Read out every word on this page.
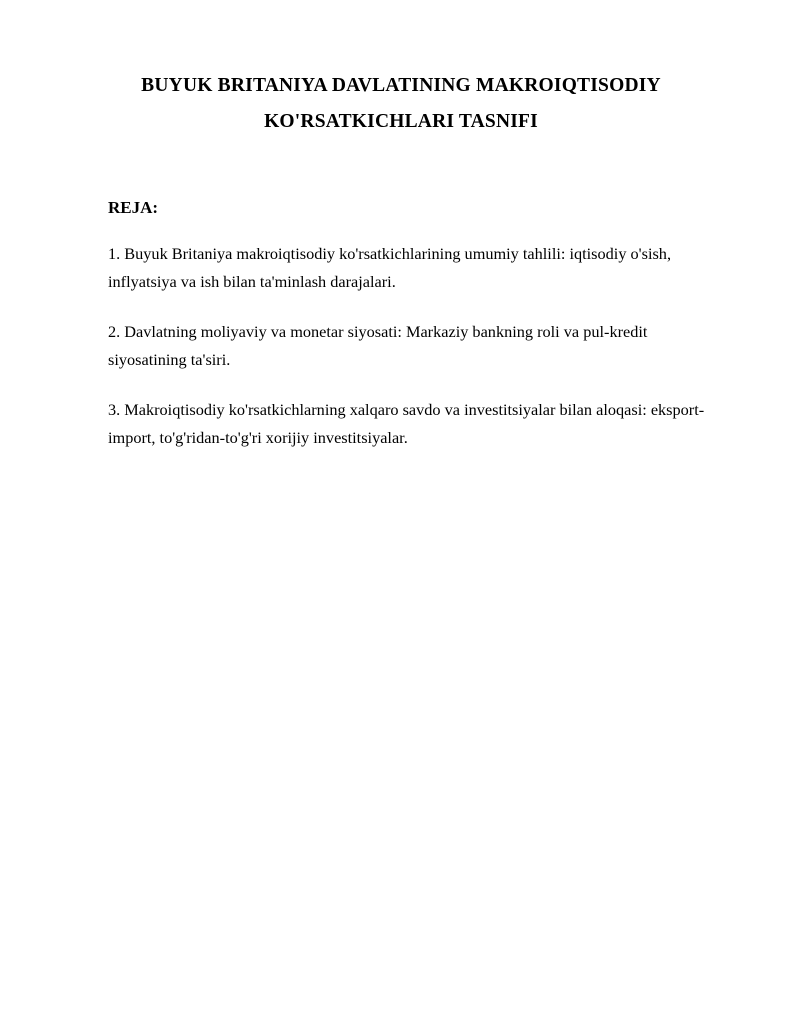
BUYUK BRITANIYA DAVLATINING MAKROIQTISODIY
KO'RSATKICHLARI TASNIFI
REJA:

1. Buyuk Britaniya makroiqtisodiy ko'rsatkichlarining umumiy tahlili: iqtisodiy o'sish, inflyatsiya va ish bilan ta'minlash darajalari.

2. Davlatning moliyaviy va monetar siyosati: Markaziy bankning roli va pul-kredit siyosatining ta'siri.

3. Makroiqtisodiy ko'rsatkichlarning xalqaro savdo va investitsiyalar bilan aloqasi: eksport-import, to'g'ridan-to'g'ri xorijiy investitsiyalar.
